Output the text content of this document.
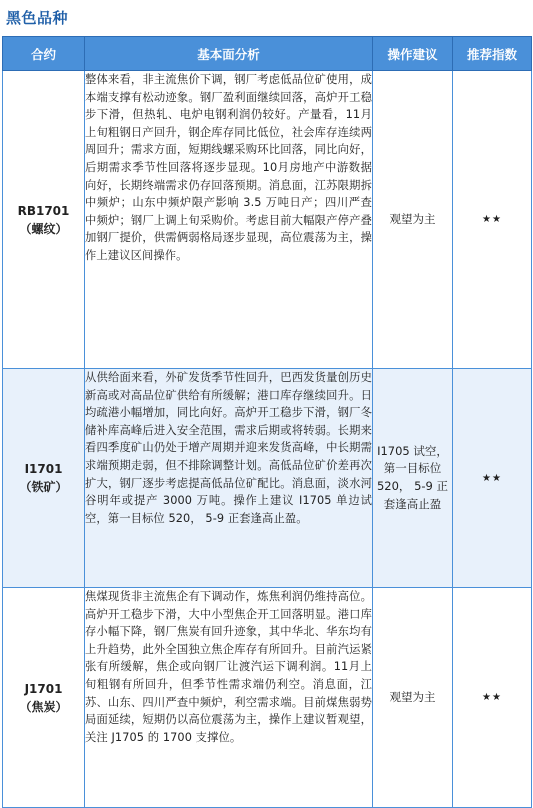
黑色品种
合约	基本面分析	操作建议	推荐指数

RB1701
（螺纹）	整体来看，非主流焦价下调，钢厂考虑低品位矿使用，成本端支撑有松动迹象。钢厂盈利面继续回落，高炉开工稳步下滑，但热轧、电炉电钢利润仍较好。产量看，11月上旬粗钢日产回升，钢企库存同比低位，社会库存连续两周回升；需求方面，短期线螺采购环比回落，同比向好，后期需求季节性回落将逐步显现。10月房地产中游数据向好，长期终端需求仍存回落预期。消息面，江苏限期拆中频炉；山东中频炉限产影响 3.5 万吨日产；四川严查中频炉；钢厂上调上旬采购价。考虑目前大幅限产停产叠加钢厂提价，供需俩弱格局逐步显现，高位震荡为主，操作上建议区间操作。	观望为主	★★

I1701
（铁矿）	从供给面来看，外矿发货季节性回升，巴西发货量创历史新高或对高品位矿供给有所缓解；港口库存继续回升。日均疏港小幅增加，同比向好。高炉开工稳步下滑，钢厂冬储补库高峰后进入安全范围，需求后期或将转弱。长期来看四季度矿山仍处于增产周期并迎来发货高峰，中长期需求端预期走弱，但不排除调整计划。高低品位矿价差再次扩大，钢厂逐步考虑提高低品位矿配比。消息面，淡水河谷明年或提产 3000 万吨。操作上建议 I1705 单边试空，第一目标位 520， 5-9 正套逢高止盈。	I1705 试空，第一目标位 520， 5-9 正套逢高止盈	★★

J1701
（焦炭）	焦煤现货非主流焦企有下调动作，炼焦利润仍维持高位。高炉开工稳步下滑，大中小型焦企开工回落明显。港口库存小幅下降，钢厂焦炭有回升迹象，其中华北、华东均有上升趋势，此外全国独立焦企库存有所回升。目前汽运紧张有所缓解，焦企或向钢厂让渡汽运下调利润。11月上旬粗钢有所回升，但季节性需求端仍利空。消息面，江苏、山东、四川严查中频炉，利空需求端。目前煤焦弱势局面延续，短期仍以高位震荡为主，操作上建议暂观望，关注 J1705 的 1700 支撑位。	观望为主	★★
